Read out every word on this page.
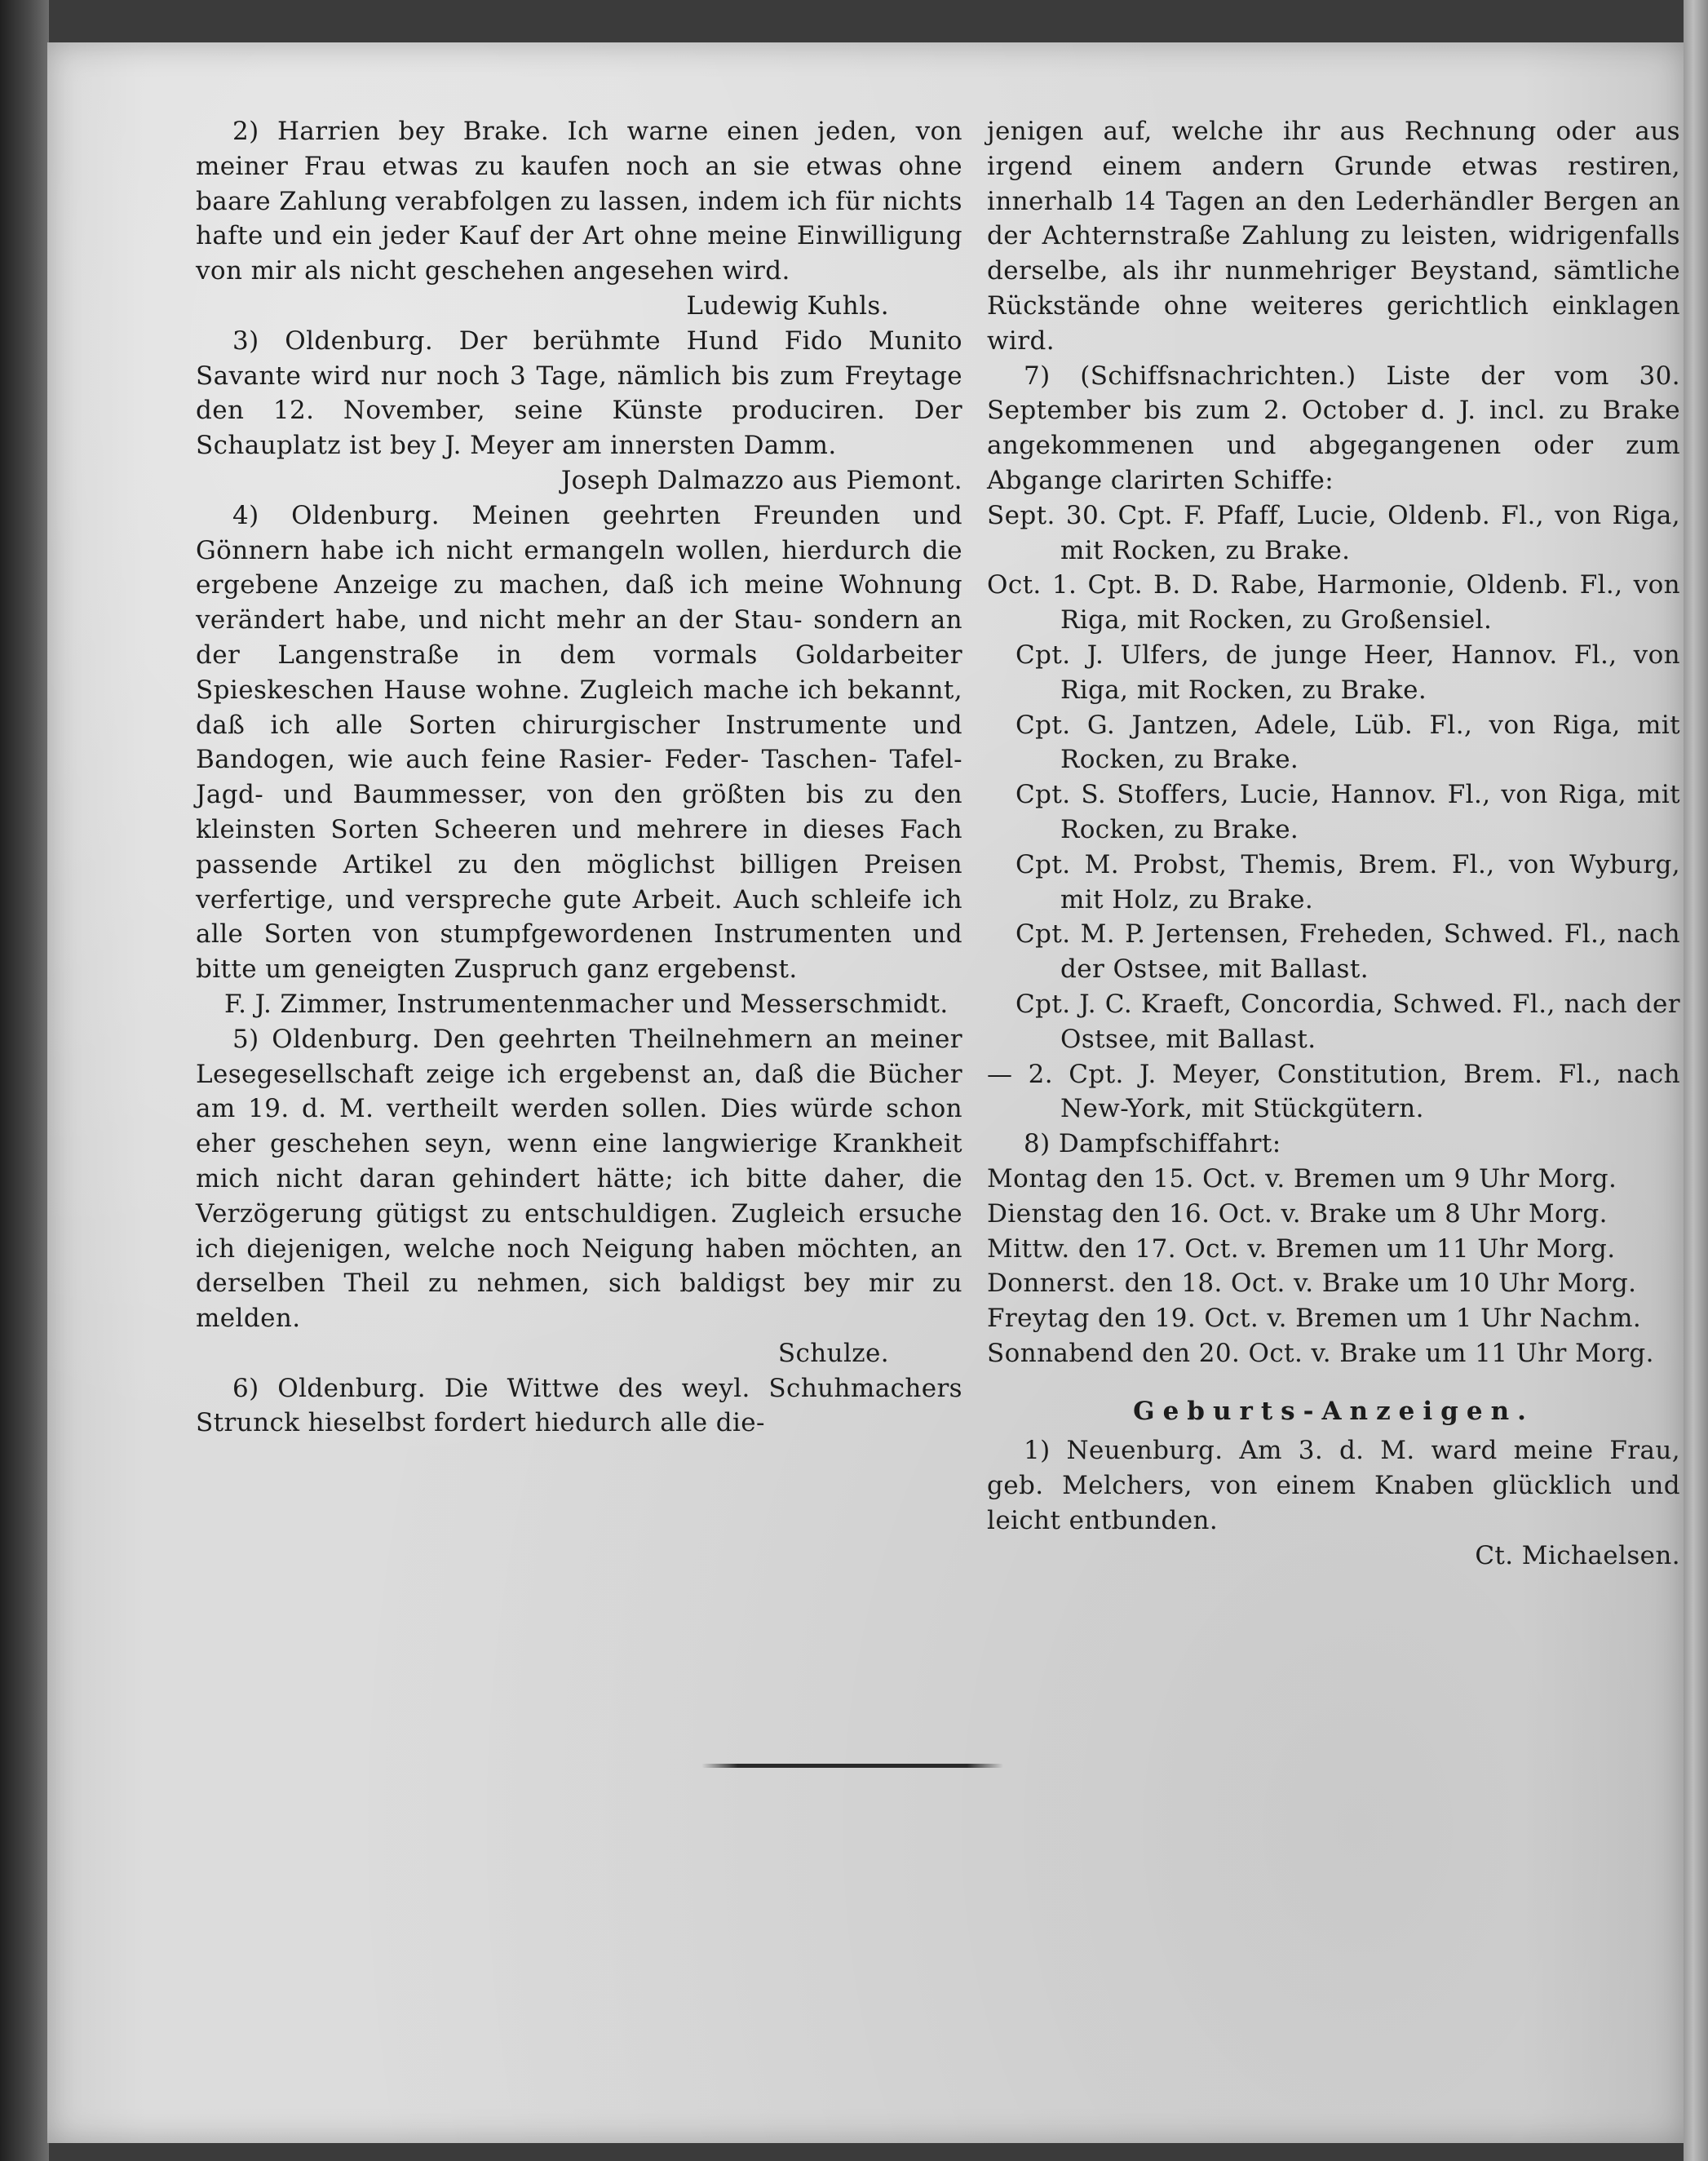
2) Harrien bey Brake. Ich warne einen jeden, von meiner Frau etwas zu kaufen noch an sie etwas ohne baare Zahlung verabfolgen zu lassen, indem ich für nichts hafte und ein jeder Kauf der Art ohne meine Einwilligung von mir als nicht geschehen angesehen wird.

Ludewig Kuhls.

3) Oldenburg. Der berühmte Hund Fido Munito Savante wird nur noch 3 Tage, nämlich bis zum Freytage den 12. November, seine Künste produciren. Der Schauplatz ist bey J. Meyer am innersten Damm.

Joseph Dalmazzo aus Piemont.

4) Oldenburg. Meinen geehrten Freunden und Gönnern habe ich nicht ermangeln wollen, hierdurch die ergebene Anzeige zu machen, daß ich meine Wohnung verändert habe, und nicht mehr an der Stau- sondern an der Langenstraße in dem vormals Goldarbeiter Spieskeschen Hause wohne. Zugleich mache ich bekannt, daß ich alle Sorten chirurgischer Instrumente und Bandogen, wie auch feine Rasier- Feder- Taschen- Tafel- Jagd- und Baummesser, von den größten bis zu den kleinsten Sorten Scheeren und mehrere in dieses Fach passende Artikel zu den möglichst billigen Preisen verfertige, und verspreche gute Arbeit. Auch schleife ich alle Sorten von stumpfgewordenen Instrumenten und bitte um geneigten Zuspruch ganz ergebenst.

F. J. Zimmer, Instrumentenmacher und Messerschmidt.

5) Oldenburg. Den geehrten Theilnehmern an meiner Lesegesellschaft zeige ich ergebenst an, daß die Bücher am 19. d. M. vertheilt werden sollen. Dies würde schon eher geschehen seyn, wenn eine langwierige Krankheit mich nicht daran gehindert hätte; ich bitte daher, die Verzögerung gütigst zu entschuldigen. Zugleich ersuche ich diejenigen, welche noch Neigung haben möchten, an derselben Theil zu nehmen, sich baldigst bey mir zu melden.

Schulze.

6) Oldenburg. Die Wittwe des weyl. Schuhmachers Strunck hieselbst fordert hiedurch alle die-

jenigen auf, welche ihr aus Rechnung oder aus irgend einem andern Grunde etwas restiren, innerhalb 14 Tagen an den Lederhändler Bergen an der Achternstraße Zahlung zu leisten, widrigenfalls derselbe, als ihr nunmehriger Beystand, sämtliche Rückstände ohne weiteres gerichtlich einklagen wird.

7) (Schiffsnachrichten.) Liste der vom 30. September bis zum 2. October d. J. incl. zu Brake angekommenen und abgegangenen oder zum Abgange clarirten Schiffe:

Sept. 30. Cpt. F. Pfaff, Lucie, Oldenb. Fl., von Riga, mit Rocken, zu Brake.

Oct. 1. Cpt. B. D. Rabe, Harmonie, Oldenb. Fl., von Riga, mit Rocken, zu Großensiel.

Cpt. J. Ulfers, de junge Heer, Hannov. Fl., von Riga, mit Rocken, zu Brake.

Cpt. G. Jantzen, Adele, Lüb. Fl., von Riga, mit Rocken, zu Brake.

Cpt. S. Stoffers, Lucie, Hannov. Fl., von Riga, mit Rocken, zu Brake.

Cpt. M. Probst, Themis, Brem. Fl., von Wyburg, mit Holz, zu Brake.

Cpt. M. P. Jertensen, Freheden, Schwed. Fl., nach der Ostsee, mit Ballast.

Cpt. J. C. Kraeft, Concordia, Schwed. Fl., nach der Ostsee, mit Ballast.

— 2. Cpt. J. Meyer, Constitution, Brem. Fl., nach New-York, mit Stückgütern.

8) Dampfschiffahrt:

Montag den 15. Oct. v. Bremen um 9 Uhr Morg.

Dienstag den 16. Oct. v. Brake um 8 Uhr Morg.

Mittw. den 17. Oct. v. Bremen um 11 Uhr Morg.

Donnerst. den 18. Oct. v. Brake um 10 Uhr Morg.

Freytag den 19. Oct. v. Bremen um 1 Uhr Nachm.

Sonnabend den 20. Oct. v. Brake um 11 Uhr Morg.

Geburts-Anzeigen.

1) Neuenburg. Am 3. d. M. ward meine Frau, geb. Melchers, von einem Knaben glücklich und leicht entbunden.

Ct. Michaelsen.
